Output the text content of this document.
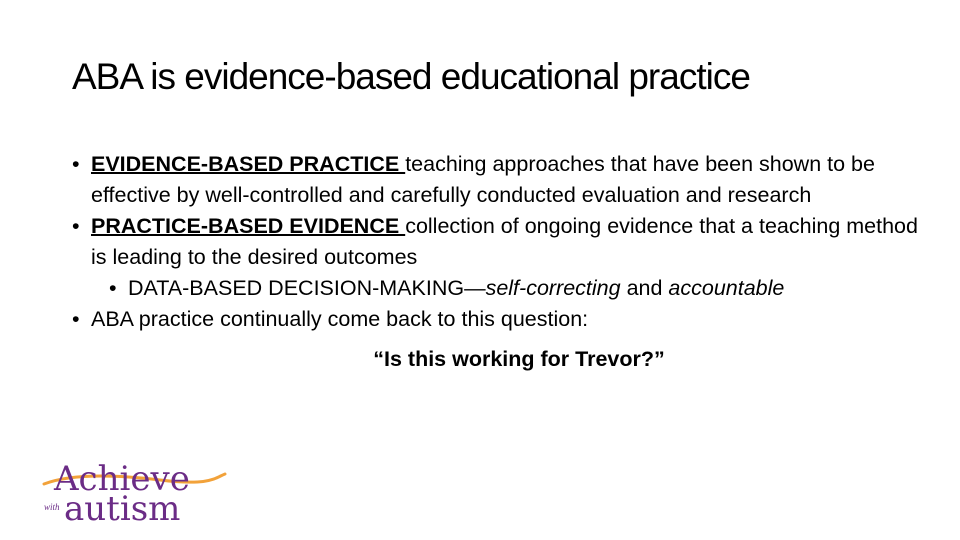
ABA is evidence-based educational practice
• EVIDENCE-BASED PRACTICE teaching approaches that have been shown to be effective by well-controlled and carefully conducted evaluation and research
• PRACTICE-BASED EVIDENCE collection of ongoing evidence that a teaching method is leading to the desired outcomes
• DATA-BASED DECISION-MAKING—self-correcting and accountable
• ABA practice continually come back to this question:
“Is this working for Trevor?”
Achieve
with autism
